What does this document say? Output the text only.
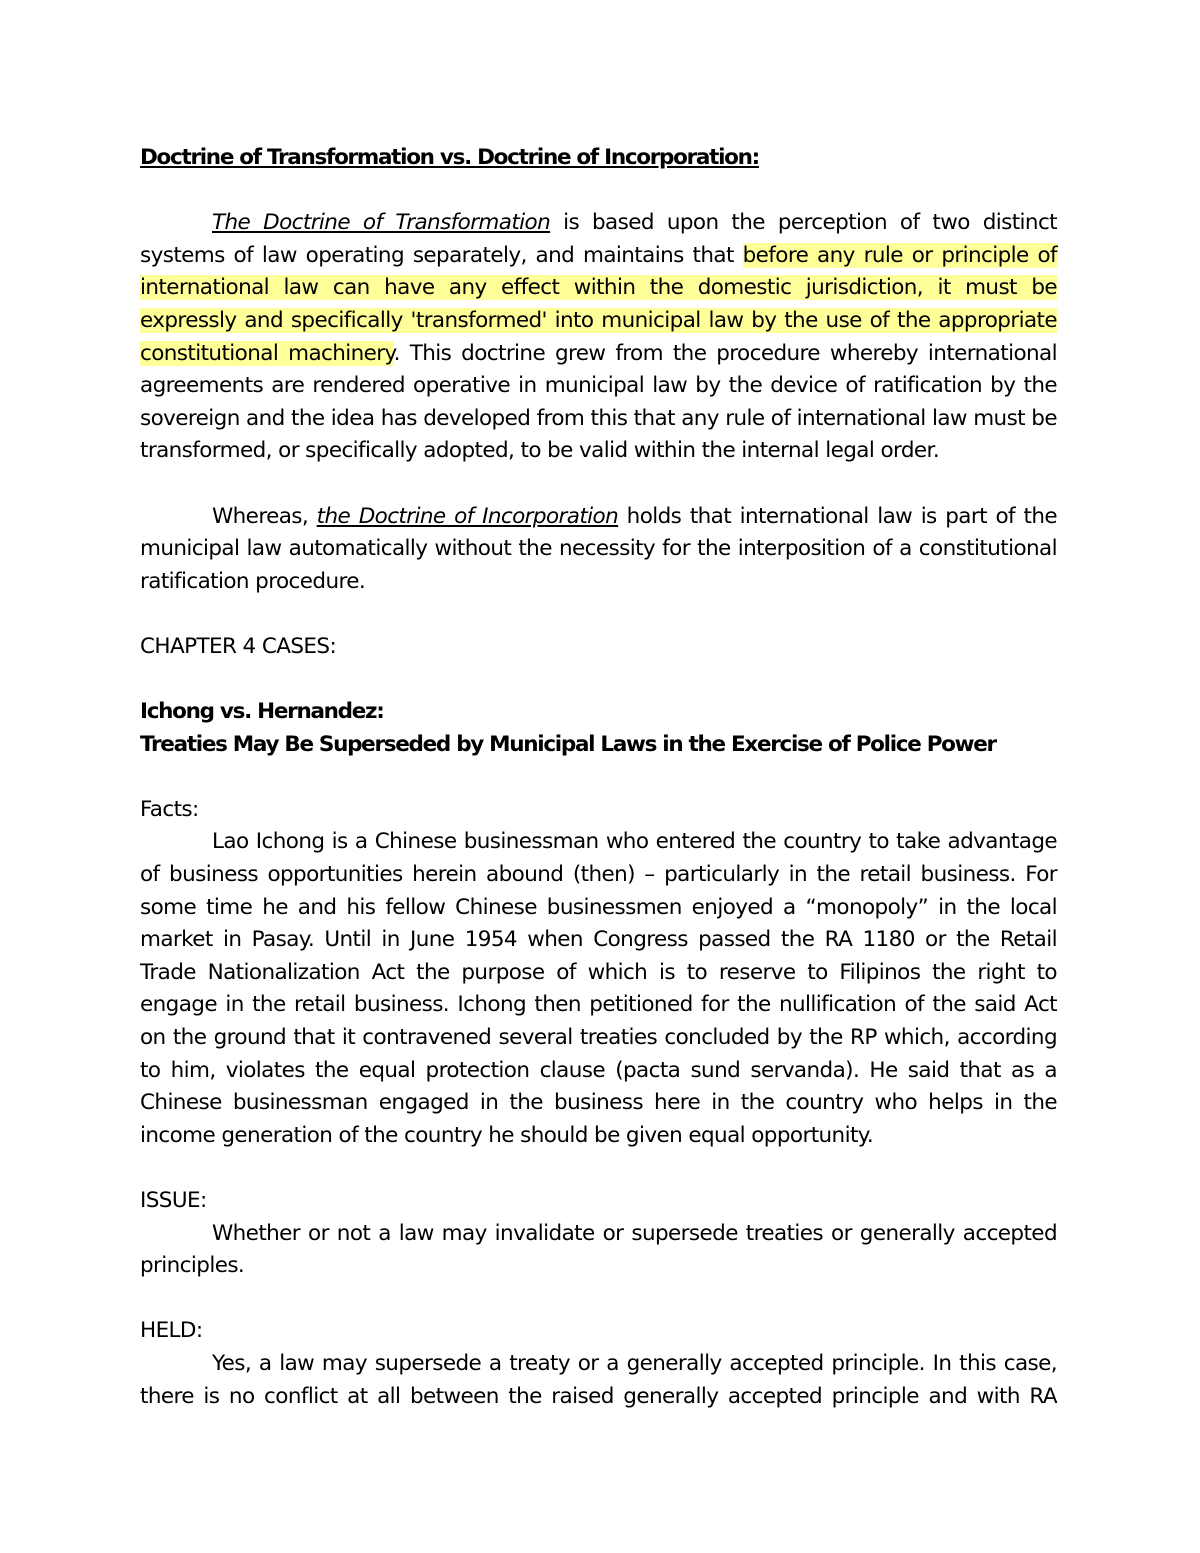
Doctrine of Transformation vs. Doctrine of Incorporation:

The Doctrine of Transformation is based upon the perception of two distinct systems of law operating separately, and maintains that before any rule or principle of international law can have any effect within the domestic jurisdiction, it must be expressly and specifically 'transformed' into municipal law by the use of the appropriate constitutional machinery. This doctrine grew from the procedure whereby international agreements are rendered operative in municipal law by the device of ratification by the sovereign and the idea has developed from this that any rule of international law must be transformed, or specifically adopted, to be valid within the internal legal order.

Whereas, the Doctrine of Incorporation holds that international law is part of the municipal law automatically without the necessity for the interposition of a constitutional ratification procedure.

CHAPTER 4 CASES:

Ichong vs. Hernandez:

Treaties May Be Superseded by Municipal Laws in the Exercise of Police Power

Facts:

Lao Ichong is a Chinese businessman who entered the country to take advantage of business opportunities herein abound (then) – particularly in the retail business. For some time he and his fellow Chinese businessmen enjoyed a “monopoly” in the local market in Pasay. Until in June 1954 when Congress passed the RA 1180 or the Retail Trade Nationalization Act the purpose of which is to reserve to Filipinos the right to engage in the retail business. Ichong then petitioned for the nullification of the said Act on the ground that it contravened several treaties concluded by the RP which, according to him, violates the equal protection clause (pacta sund servanda). He said that as a Chinese businessman engaged in the business here in the country who helps in the income generation of the country he should be given equal opportunity.

ISSUE:

Whether or not a law may invalidate or supersede treaties or generally accepted principles.

HELD:

Yes, a law may supersede a treaty or a generally accepted principle. In this case, there is no conflict at all between the raised generally accepted principle and with RA
